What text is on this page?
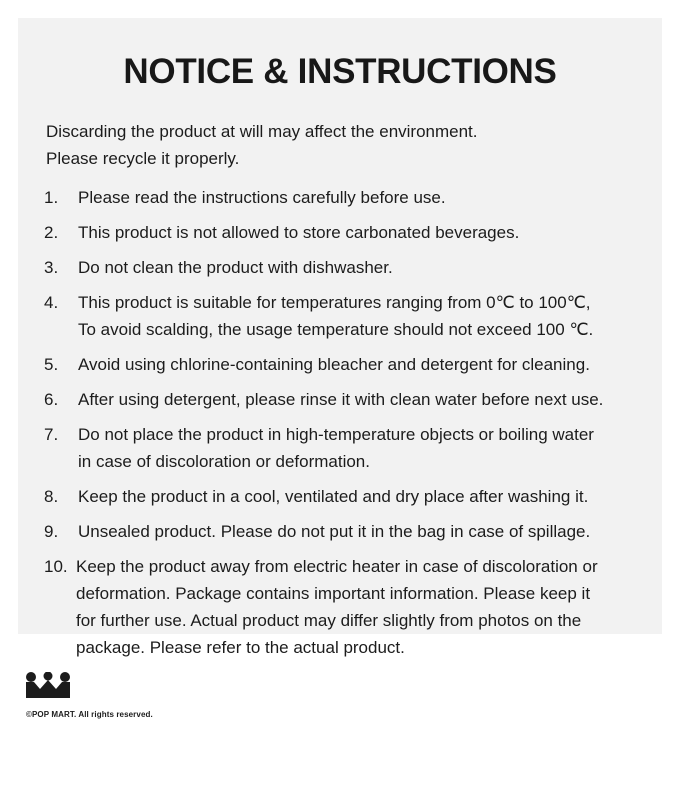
NOTICE & INSTRUCTIONS
Discarding the product at will may affect the environment.
Please recycle it properly.
1.	Please read the instructions carefully before use.
2.	This product is not allowed to store carbonated beverages.
3.	Do not clean the product with dishwasher.
4.	This product is suitable for temperatures ranging from 0℃ to 100℃,
To avoid scalding, the usage temperature should not exceed 100 ℃.
5.	Avoid using chlorine-containing bleacher and detergent for cleaning.
6.	After using detergent, please rinse it with clean water before next use.
7.	Do not place the product in high-temperature objects or boiling water
in case of discoloration or deformation.
8.	Keep the product in a cool, ventilated and dry place after washing it.
9.	Unsealed product. Please do not put it in the bag in case of spillage.
10. Keep the product away from electric heater in case of discoloration or
deformation. Package contains important information. Please keep it
for further use. Actual product may differ slightly from photos on the
package. Please refer to the actual product.
©POP MART. All rights reserved.
